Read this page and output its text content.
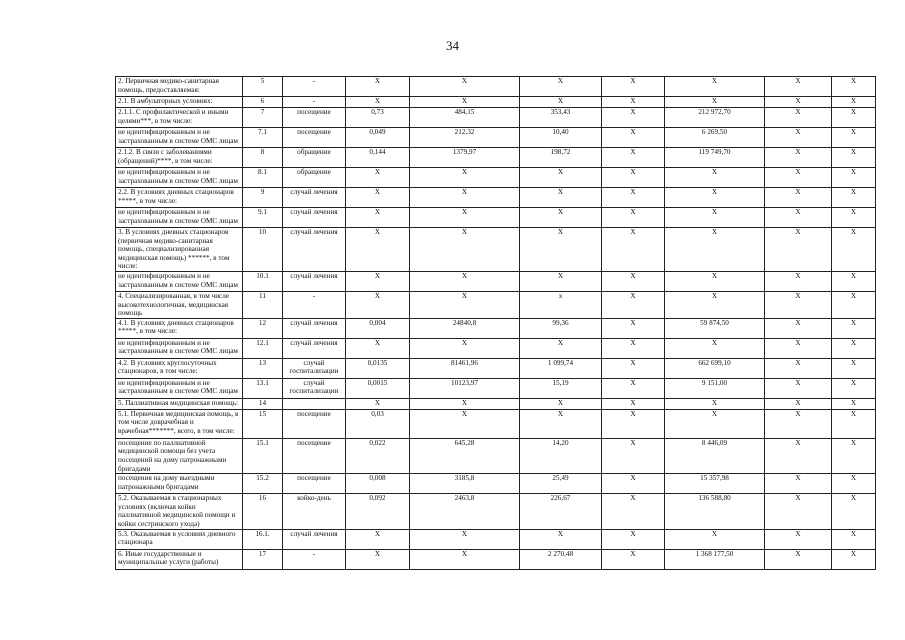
34
2. Первичная медико-санитарная помощь, предоставляемая:	5	-	X	X	X	X	X	X	X
2.1. В амбулаторных условиях:	6	-	X	X	X	X	X	X	X
2.1.1. С профилактической и иными целями***, в том числе:	7	посещение	0,73	484,15	353,43	X	212 972,70	X	X
не идентифицированным и не застрахованным в системе ОМС лицам	7.1	посещение	0,049	212,32	10,40	X	6 269,50	X	X
2.1.2. В связи с заболеваниями (обращений)****, в том числе:	8	обращение	0,144	1379,97	198,72	X	119 749,70	X	X
не идентифицированным и не застрахованным в системе ОМС лицам	8.1	обращение	X	X	X	X	X	X	X
2.2. В условиях дневных стационаров *****, в том числе:	9	случай лечения	X	X	X	X	X	X	X
не идентифицированным и не застрахованным в системе ОМС лицам	9.1	случай лечения	X	X	X	X	X	X	X
3. В условиях дневных стационаров (первичная медико-санитарная помощь, специализированная медицинская помощь) ******, в том числе:	10	случай лечения	X	X	X	X	X	X	X
не идентифицированным и не застрахованным в системе ОМС лицам	10.1	случай лечения	X	X	X	X	X	X	X
4. Специализированная, в том числе высокотехнологичная, медицинская помощь	11	-	X	X	x	X	X	X	X
4.1. В условиях дневных стационаров *****, в том числе:	12	случай лечения	0,004	24840,8	99,36	X	59 874,50	X	X
не идентифицированным и не застрахованным в системе ОМС лицам	12.1	случай лечения	X	X	X	X	X	X	X
4.2. В условиях круглосуточных стационаров, в том числе:	13	случай госпитализации	0,0135	81461,96	1 099,74	X	662 699,10	X	X
не идентифицированным и не застрахованным в системе ОМС лицам	13.1	случай госпитализации	0,0015	10123,97	15,19	X	9 151,00	X	X
5. Паллиативная медицинская помощь:	14		X	X	X	X	X	X	X
5.1. Первичная медицинская помощь, в том числе доврачебная и врачебная*******, всего, в том числе:	15	посещение	0,03	X	X	X	X	X	X
посещение по паллиативной медицинской помощи без учета посещений на дому патронажными бригадами	15.1	посещение	0,022	645,28	14,20	X	8 446,09	X	X
посещения на дому выездными патронажными бригадами	15.2	посещение	0,008	3185,8	25,49	X	15 357,98	X	X
5.2. Оказываемая в стационарных условиях (включая койки паллиативной медицинской помощи и койки сестринского ухода)	16	койко-день	0,092	2463,8	226,67	X	136 588,80	X	X
5.3. Оказываемая в условиях дневного стационара	16.1.	случай лечения	X	X	X	X	X	X	X
6. Иные государственные и муниципальные услуги (работы)	17	-	X	X	2 270,48	X	1 368 177,50	X	X
